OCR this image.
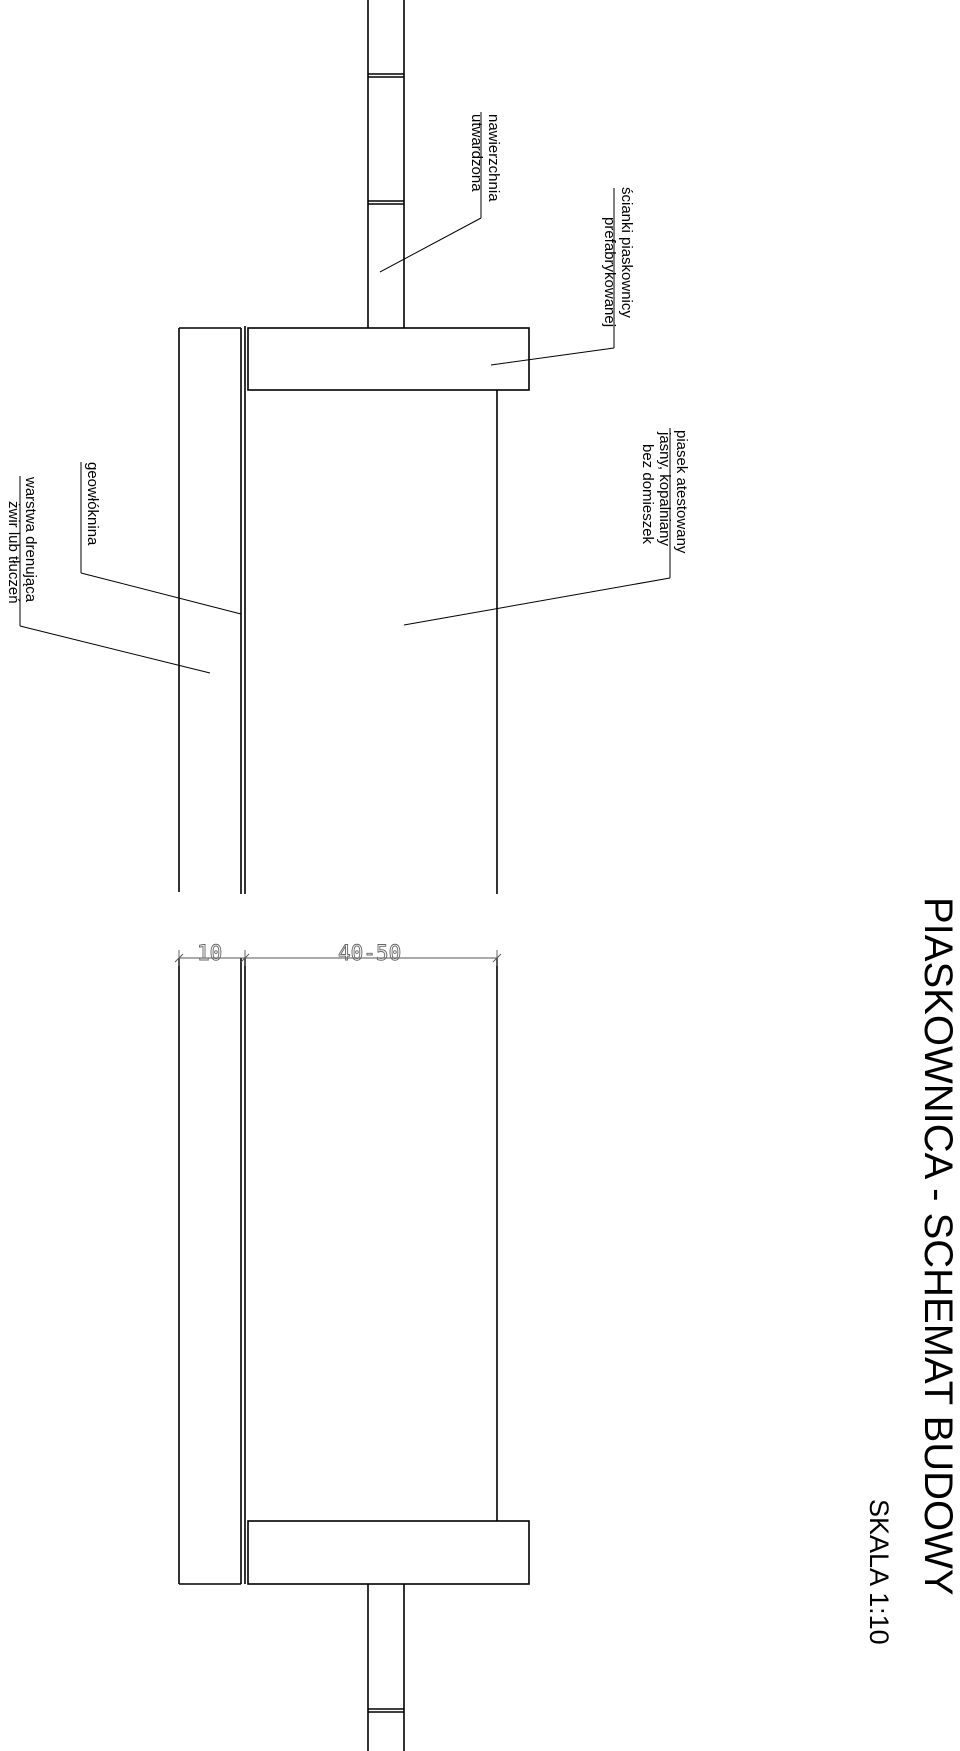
10	40-50
nawierzchnia
utwardzona
ścianki piaskownicy
prefabrykowanej
piasek atestowany
jasny, kopalniany
bez domieszek
geowłóknina
warstwa drenująca
żwir lub tłuczeń
PIASKOWNICA - SCHEMAT BUDOWY
SKALA 1:10
